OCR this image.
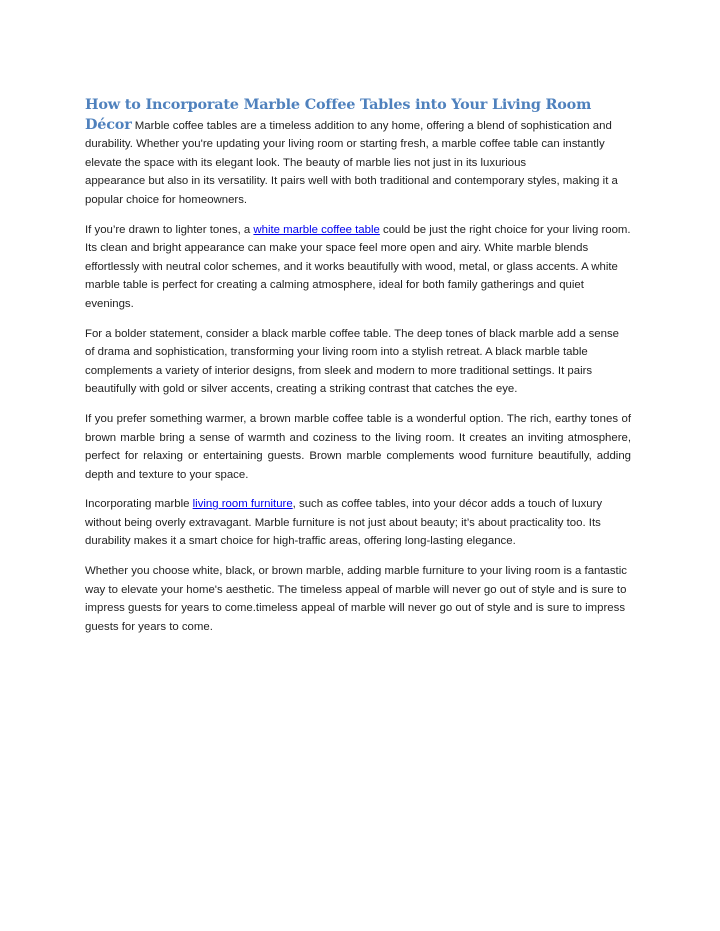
How to Incorporate Marble Coffee Tables into Your Living Room Décor Marble coffee tables are a timeless addition to any home, offering a blend of sophistication and durability. Whether you're updating your living room or starting fresh, a marble coffee table can instantly elevate the space with its elegant look. The beauty of marble lies not just in its luxurious
appearance but also in its versatility. It pairs well with both traditional and contemporary styles, making it a popular choice for homeowners.

If you’re drawn to lighter tones, a white marble coffee table could be just the right choice for your living room. Its clean and bright appearance can make your space feel more open and airy. White marble blends effortlessly with neutral color schemes, and it works beautifully with wood, metal, or glass accents. A white marble table is perfect for creating a calming atmosphere, ideal for both family gatherings and quiet evenings.

For a bolder statement, consider a black marble coffee table. The deep tones of black marble add a sense of drama and sophistication, transforming your living room into a stylish retreat. A black marble table complements a variety of interior designs, from sleek and modern to more traditional settings. It pairs beautifully with gold or silver accents, creating a striking contrast that catches the eye.

If you prefer something warmer, a brown marble coffee table is a wonderful option. The rich, earthy tones of brown marble bring a sense of warmth and coziness to the living room. It creates an inviting atmosphere, perfect for relaxing or entertaining guests. Brown marble complements wood furniture beautifully, adding depth and texture to your space.

Incorporating marble living room furniture, such as coffee tables, into your décor adds a touch of luxury without being overly extravagant. Marble furniture is not just about beauty; it’s about practicality too. Its durability makes it a smart choice for high-traffic areas, offering long-lasting elegance.

Whether you choose white, black, or brown marble, adding marble furniture to your living room is a fantastic way to elevate your home's aesthetic. The timeless appeal of marble will never go out of style and is sure to impress guests for years to come.timeless appeal of marble will never go out of style and is sure to impress guests for years to come.
